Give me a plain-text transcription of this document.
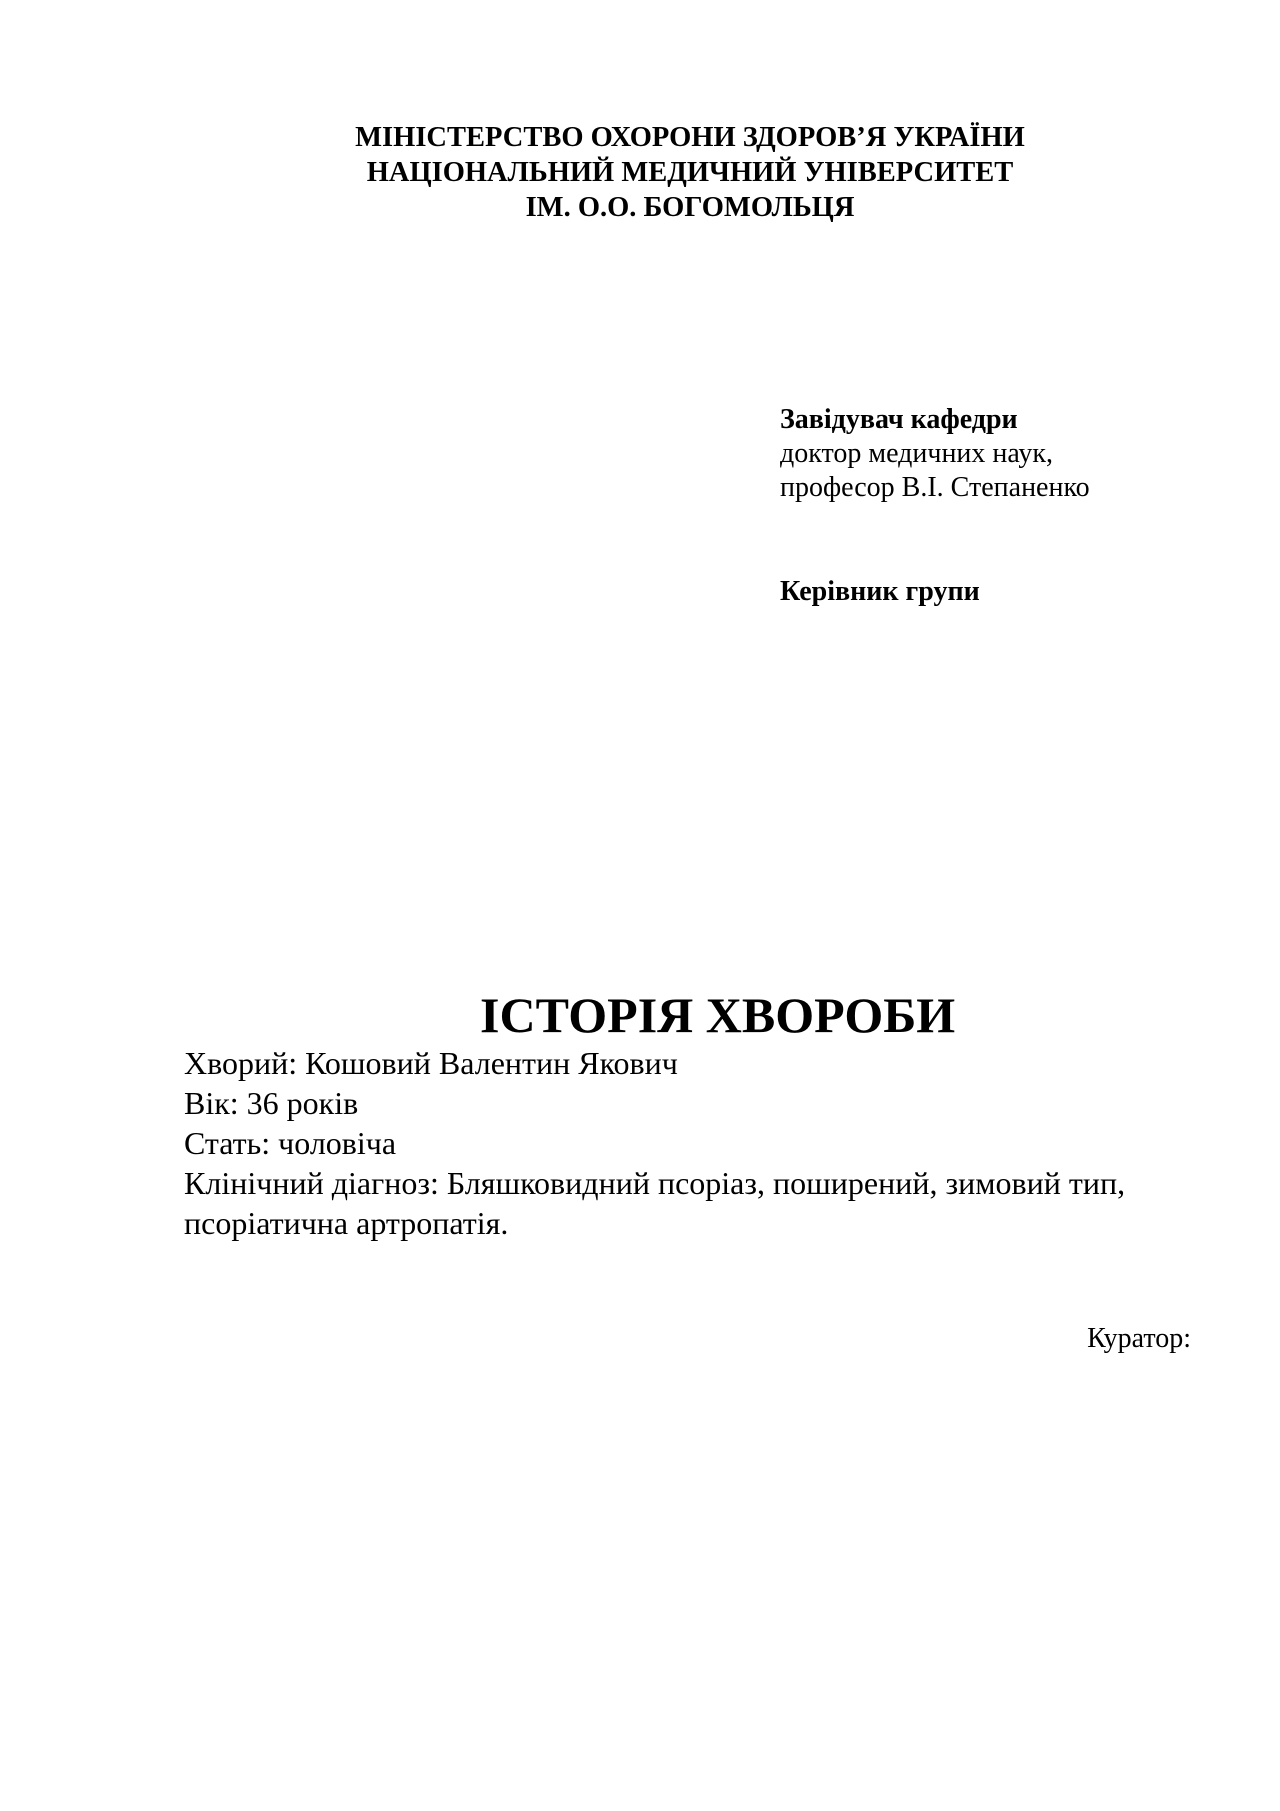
МІНІСТЕРСТВО ОХОРОНИ ЗДОРОВ’Я УКРАЇНИ
НАЦІОНАЛЬНИЙ МЕДИЧНИЙ УНІВЕРСИТЕТ
ІМ. О.О. БОГОМОЛЬЦЯ
Завідувач кафедри
доктор медичних наук,
професор В.І. Степаненко
Керівник групи
ІСТОРІЯ ХВОРОБИ
Хворий: Кошовий Валентин Якович
Вік: 36 років
Стать: чоловіча
Клінічний діагноз: Бляшковидний псоріаз, поширений, зимовий тип, псоріатична артропатія.
Куратор:
